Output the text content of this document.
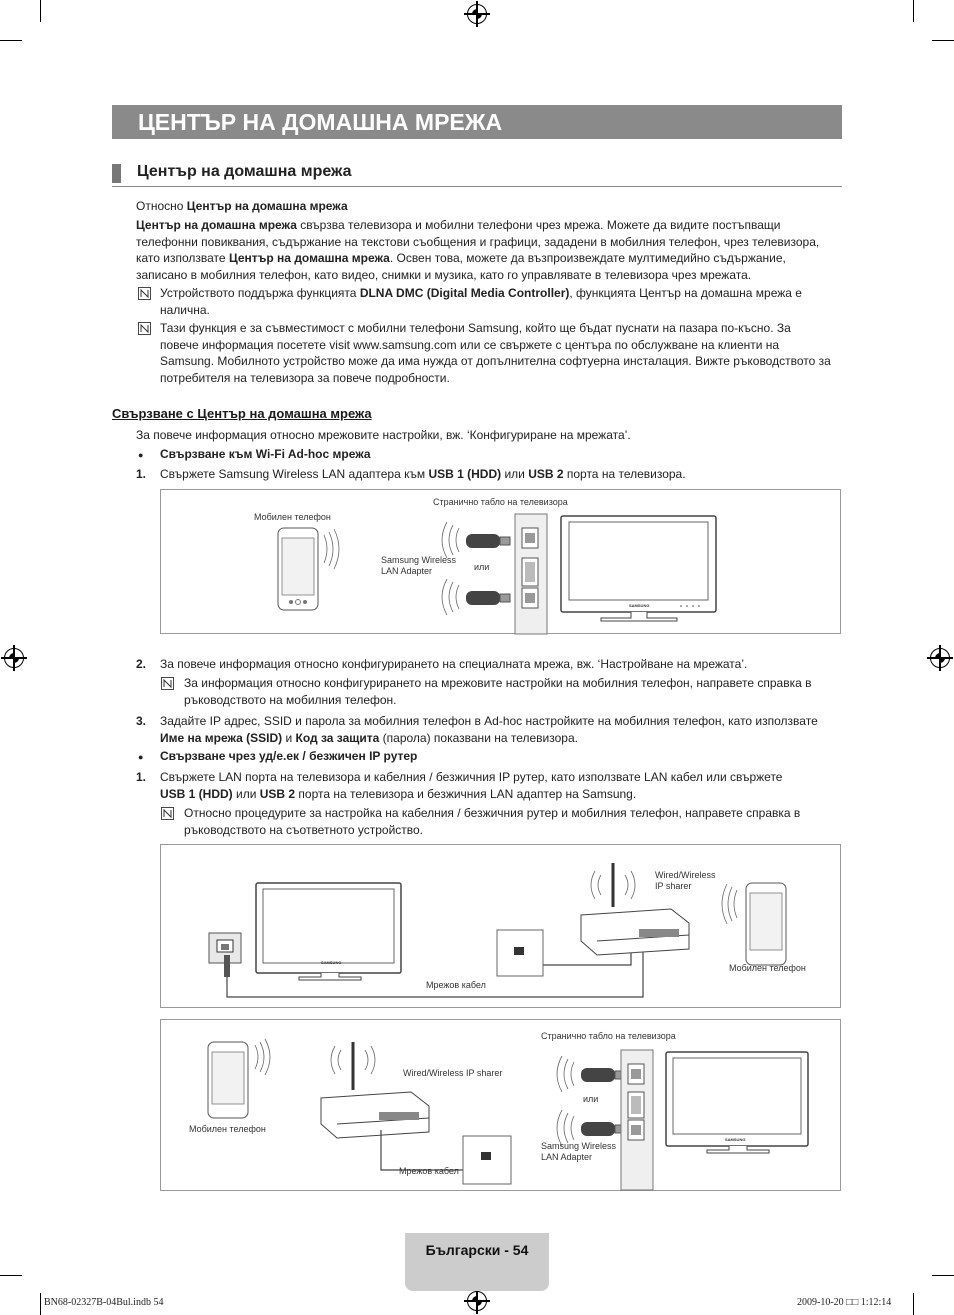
ЦЕНТЪР НА ДОМАШНА МРЕЖА
Център на домашна мрежа
Относно Център на домашна мрежа
Център на домашна мрежа свързва телевизора и мобилни телефони чрез мрежа. Можете да видите постъпващи
телефонни повиквания, съдържание на текстови съобщения и графици, зададени в мобилния телефон, чрез телевизора,
като използвате Център на домашна мрежа. Освен това, можете да възпроизвеждате мултимедийно съдържание,
записано в мобилния телефон, като видео, снимки и музика, като го управлявате в телевизора чрез мрежата.
Устройството поддържа функцията DLNA DMC (Digital Media Controller), функцията Център на домашна мрежа е
налична.
Тази функция е за съвместимост с мобилни телефони Samsung, който ще бъдат пуснати на пазара по-късно. За
повече информация посетете visit www.samsung.com или се свържете с центъра по обслужване на клиенти на
Samsung. Мобилното устройство може да има нужда от допълнителна софтуерна инсталация. Вижте ръководството за
потребителя на телевизора за повече подробности.
Свързване с Център на домашна мрежа
За повече информация относно мрежовите настройки, вж. ‘Конфигуриране на мрежата’.
● Свързване към Wi-Fi Ad-hoc мрежа
1. Свържете Samsung Wireless LAN адаптера към USB 1 (HDD) или USB 2 порта на телевизора.
Странично табло на телевизора
Мобилен телефон
Samsung Wireless
LAN Adapter	или
SAMSUNG
2. За повече информация относно конфигурирането на специалната мрежа, вж. ‘Настройване на мрежата’.
За информация относно конфигурирането на мрежовите настройки на мобилния телефон, направете справка в
ръководството на мобилния телефон.
3. Задайте IP адрес, SSID и парола за мобилния телефон в Ad-hoc настройките на мобилния телефон, като използвате
Име на мрежа (SSID) и Код за защита (парола) показвани на телевизора.
● Свързване чрез уд/е.ек / безжичен IP рутер
1. Свържете LAN порта на телевизора и кабелния / безжичния IP рутер, като използвате LAN кабел или свържете
USB 1 (HDD) или USB 2 порта на телевизора и безжичния LAN адаптер на Samsung.
Относно процедурите за настройка на кабелния / безжичния рутер и мобилния телефон, направете справка в
ръководството на съответното устройство.
Wired/Wireless
IP sharer
Мобилен телефон
Мрежов кабел
SAMSUNG
Странично табло на телевизора
Wired/Wireless IP sharer
Мобилен телефон
Мрежов кабел
или
Samsung Wireless
LAN Adapter
SAMSUNG
Български - 54
BN68-02327B-04Bul.indb 54	2009-10-20 □□ 1:12:14
